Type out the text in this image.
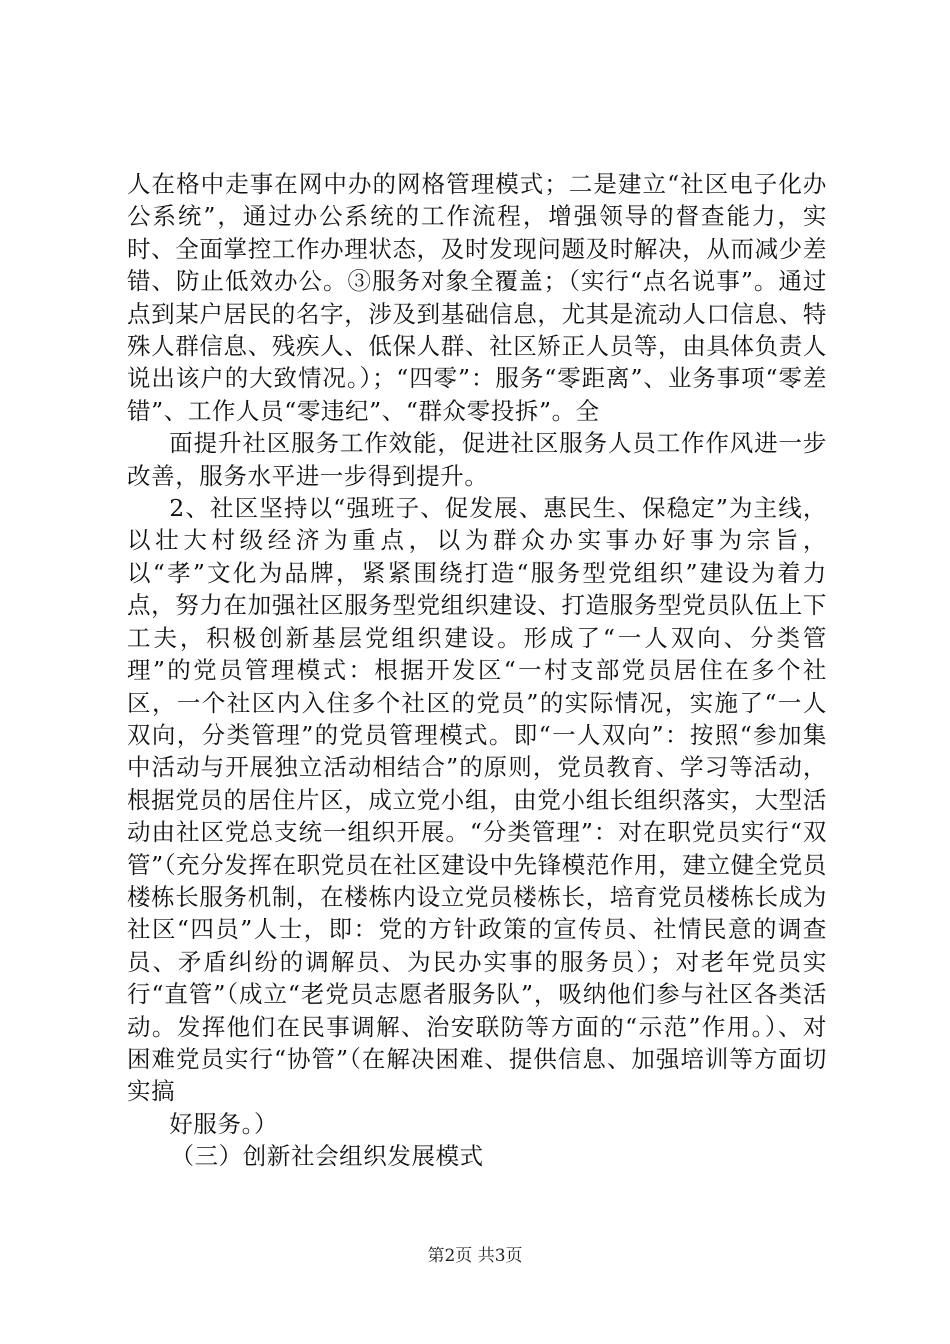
人在格中走事在网中办的网格管理模式；二是建立“社区电子化办公系统”，通过办公系统的工作流程，增强领导的督查能力，实时、全面掌控工作办理状态，及时发现问题及时解决，从而减少差错、防止低效办公。③服务对象全覆盖；（实行“点名说事”。通过点到某户居民的名字，涉及到基础信息，尤其是流动人口信息、特殊人群信息、残疾人、低保人群、社区矫正人员等，由具体负责人说出该户的大致情况。）；“四零”：服务“零距离”、业务事项“零差错”、工作人员“零违纪”、“群众零投拆”。全

面提升社区服务工作效能，促进社区服务人员工作作风进一步改善，服务水平进一步得到提升。

2、社区坚持以“强班子、促发展、惠民生、保稳定”为主线，以壮大村级经济为重点，以为群众办实事办好事为宗旨，以“孝”文化为品牌，紧紧围绕打造“服务型党组织”建设为着力点，努力在加强社区服务型党组织建设、打造服务型党员队伍上下工夫，积极创新基层党组织建设。形成了“一人双向、分类管理”的党员管理模式：根据开发区“一村支部党员居住在多个社区，一个社区内入住多个社区的党员”的实际情况，实施了“一人双向，分类管理”的党员管理模式。即“一人双向”：按照“参加集中活动与开展独立活动相结合”的原则，党员教育、学习等活动，根据党员的居住片区，成立党小组，由党小组长组织落实，大型活动由社区党总支统一组织开展。“分类管理”：对在职党员实行“双管”（充分发挥在职党员在社区建设中先锋模范作用，建立健全党员楼栋长服务机制，在楼栋内设立党员楼栋长，培育党员楼栋长成为社区“四员”人士，即：党的方针政策的宣传员、社情民意的调查员、矛盾纠纷的调解员、为民办实事的服务员）；对老年党员实行“直管”（成立“老党员志愿者服务队”，吸纳他们参与社区各类活动。发挥他们在民事调解、治安联防等方面的“示范”作用。）、对困难党员实行“协管”（在解决困难、提供信息、加强培训等方面切实搞

好服务。）

（三）创新社会组织发展模式

第2页 共3页
